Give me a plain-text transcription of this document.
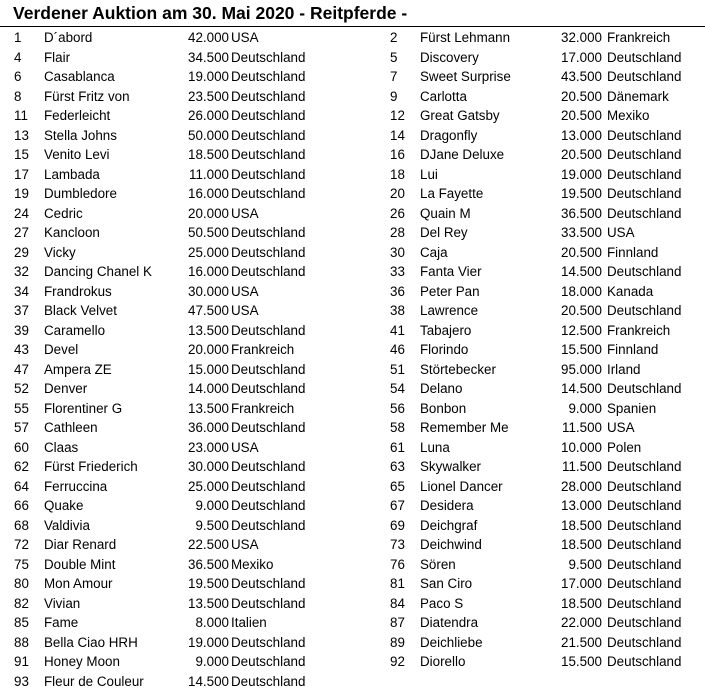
Verdener Auktion am 30. Mai 2020 - Reitpferde -
1	D´abord	42.000 USA
4	Flair	34.500 Deutschland
6	Casablanca	19.000 Deutschland
8	Fürst Fritz von	23.500 Deutschland
11	Federleicht	26.000 Deutschland
13	Stella Johns	50.000 Deutschland
15	Venito Levi	18.500 Deutschland
17	Lambada	11.000 Deutschland
19	Dumbledore	16.000 Deutschland
24	Cedric	20.000 USA
27	Kancloon	50.500 Deutschland
29	Vicky	25.000 Deutschland
32	Dancing Chanel K	16.000 Deutschland
34	Frandrokus	30.000 USA
37	Black Velvet	47.500 USA
39	Caramello	13.500 Deutschland
43	Devel	20.000 Frankreich
47	Ampera ZE	15.000 Deutschland
52	Denver	14.000 Deutschland
55	Florentiner G	13.500 Frankreich
57	Cathleen	36.000 Deutschland
60	Claas	23.000 USA
62	Fürst Friederich	30.000 Deutschland
64	Ferruccina	25.000 Deutschland
66	Quake	9.000 Deutschland
68	Valdivia	9.500 Deutschland
72	Diar Renard	22.500 USA
75	Double Mint	36.500 Mexiko
80	Mon Amour	19.500 Deutschland
82	Vivian	13.500 Deutschland
85	Fame	8.000 Italien
88	Bella Ciao HRH	19.000 Deutschland
91	Honey Moon	9.000 Deutschland
93	Fleur de Couleur	14.500 Deutschland
2	Fürst Lehmann	32.000 Frankreich
5	Discovery	17.000 Deutschland
7	Sweet Surprise	43.500 Deutschland
9	Carlotta	20.500 Dänemark
12	Great Gatsby	20.500 Mexiko
14	Dragonfly	13.000 Deutschland
16	DJane Deluxe	20.500 Deutschland
18	Lui	19.000 Deutschland
20	La Fayette	19.500 Deutschland
26	Quain M	36.500 Deutschland
28	Del Rey	33.500 USA
30	Caja	20.500 Finnland
33	Fanta Vier	14.500 Deutschland
36	Peter Pan	18.000 Kanada
38	Lawrence	20.500 Deutschland
41	Tabajero	12.500 Frankreich
46	Florindo	15.500 Finnland
51	Störtebecker	95.000 Irland
54	Delano	14.500 Deutschland
56	Bonbon	9.000 Spanien
58	Remember Me	11.500 USA
61	Luna	10.000 Polen
63	Skywalker	11.500 Deutschland
65	Lionel Dancer	28.000 Deutschland
67	Desidera	13.000 Deutschland
69	Deichgraf	18.500 Deutschland
73	Deichwind	18.500 Deutschland
76	Sören	9.500 Deutschland
81	San Ciro	17.000 Deutschland
84	Paco S	18.500 Deutschland
87	Diatendra	22.000 Deutschland
89	Deichliebe	21.500 Deutschland
92	Diorello	15.500 Deutschland
